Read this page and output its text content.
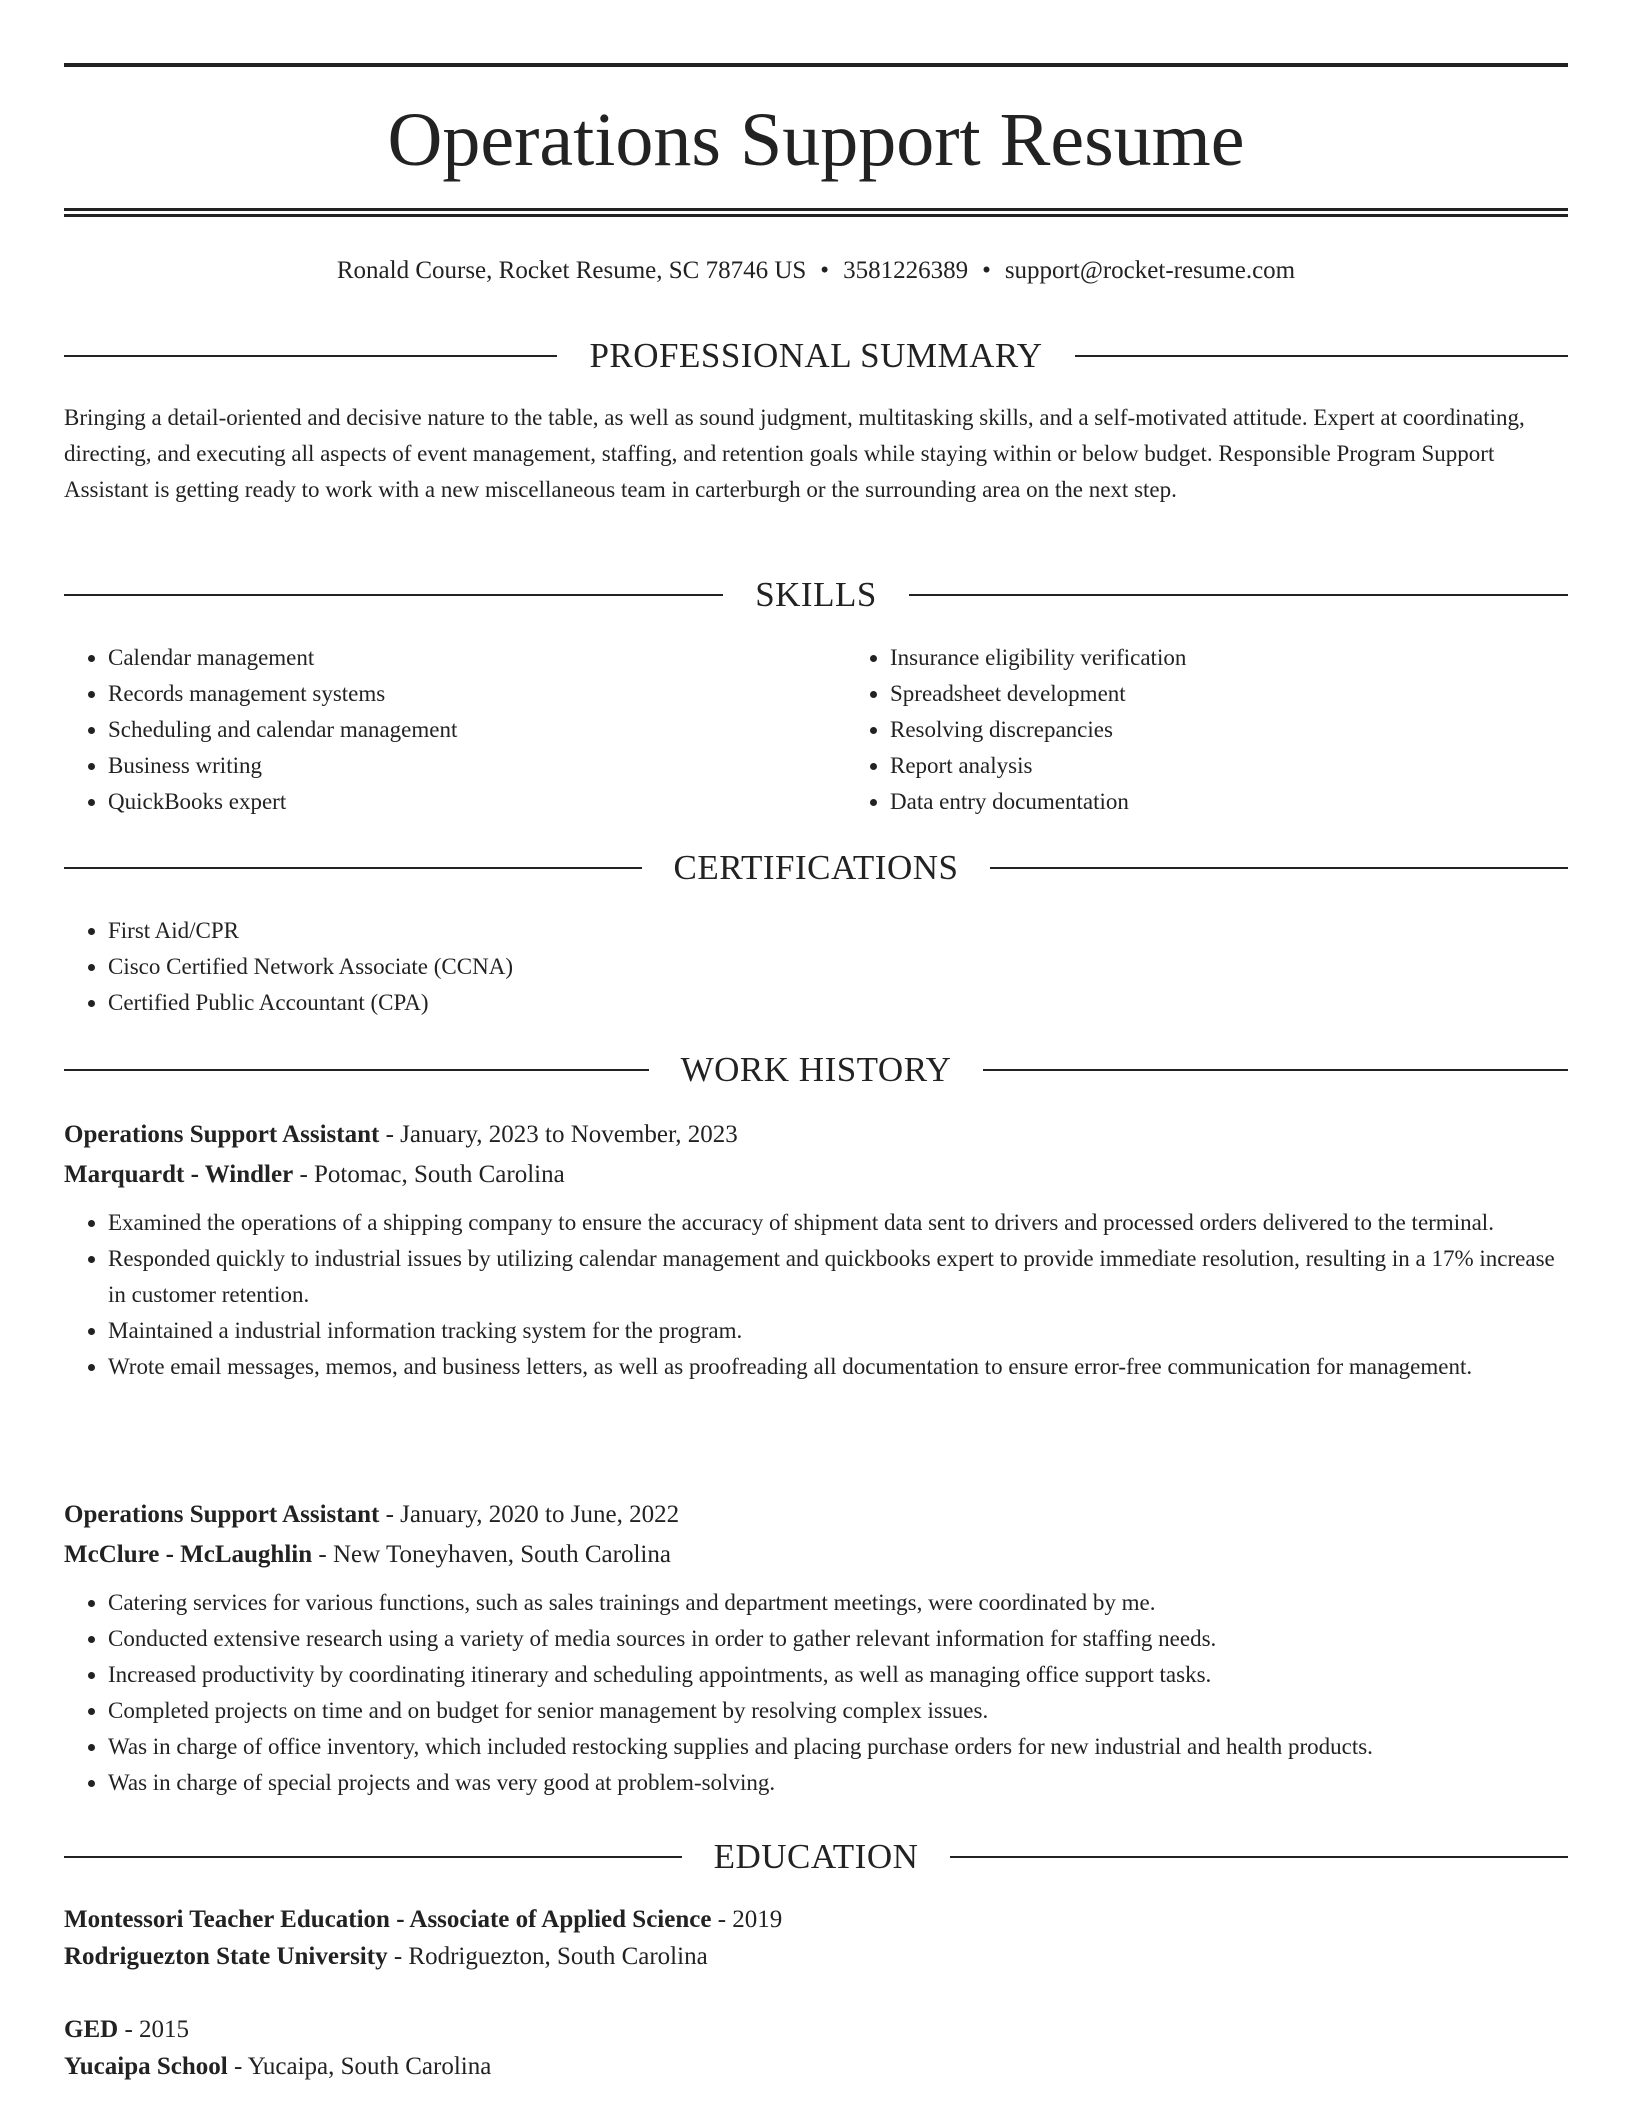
Operations Support Resume
Ronald Course, Rocket Resume, SC 78746 US • 3581226389 • support@rocket-resume.com
PROFESSIONAL SUMMARY

Bringing a detail-oriented and decisive nature to the table, as well as sound judgment, multitasking skills, and a self-motivated attitude. Expert at coordinating, directing, and executing all aspects of event management, staffing, and retention goals while staying within or below budget. Responsible Program Support Assistant is getting ready to work with a new miscellaneous team in carterburgh or the surrounding area on the next step.

SKILLS
• Calendar management
• Records management systems
• Scheduling and calendar management
• Business writing
• QuickBooks expert
• Insurance eligibility verification
• Spreadsheet development
• Resolving discrepancies
• Report analysis
• Data entry documentation
CERTIFICATIONS
• First Aid/CPR
• Cisco Certified Network Associate (CCNA)
• Certified Public Accountant (CPA)
WORK HISTORY
Operations Support Assistant - January, 2023 to November, 2023
Marquardt - Windler - Potomac, South Carolina
• Examined the operations of a shipping company to ensure the accuracy of shipment data sent to drivers and processed orders delivered to the terminal.
• Responded quickly to industrial issues by utilizing calendar management and quickbooks expert to provide immediate resolution, resulting in a 17% increase in customer retention.
• Maintained a industrial information tracking system for the program.
• Wrote email messages, memos, and business letters, as well as proofreading all documentation to ensure error-free communication for management.
Operations Support Assistant - January, 2020 to June, 2022
McClure - McLaughlin - New Toneyhaven, South Carolina
• Catering services for various functions, such as sales trainings and department meetings, were coordinated by me.
• Conducted extensive research using a variety of media sources in order to gather relevant information for staffing needs.
• Increased productivity by coordinating itinerary and scheduling appointments, as well as managing office support tasks.
• Completed projects on time and on budget for senior management by resolving complex issues.
• Was in charge of office inventory, which included restocking supplies and placing purchase orders for new industrial and health products.
• Was in charge of special projects and was very good at problem-solving.
EDUCATION
Montessori Teacher Education - Associate of Applied Science - 2019
Rodriguezton State University - Rodriguezton, South Carolina
GED - 2015
Yucaipa School - Yucaipa, South Carolina
